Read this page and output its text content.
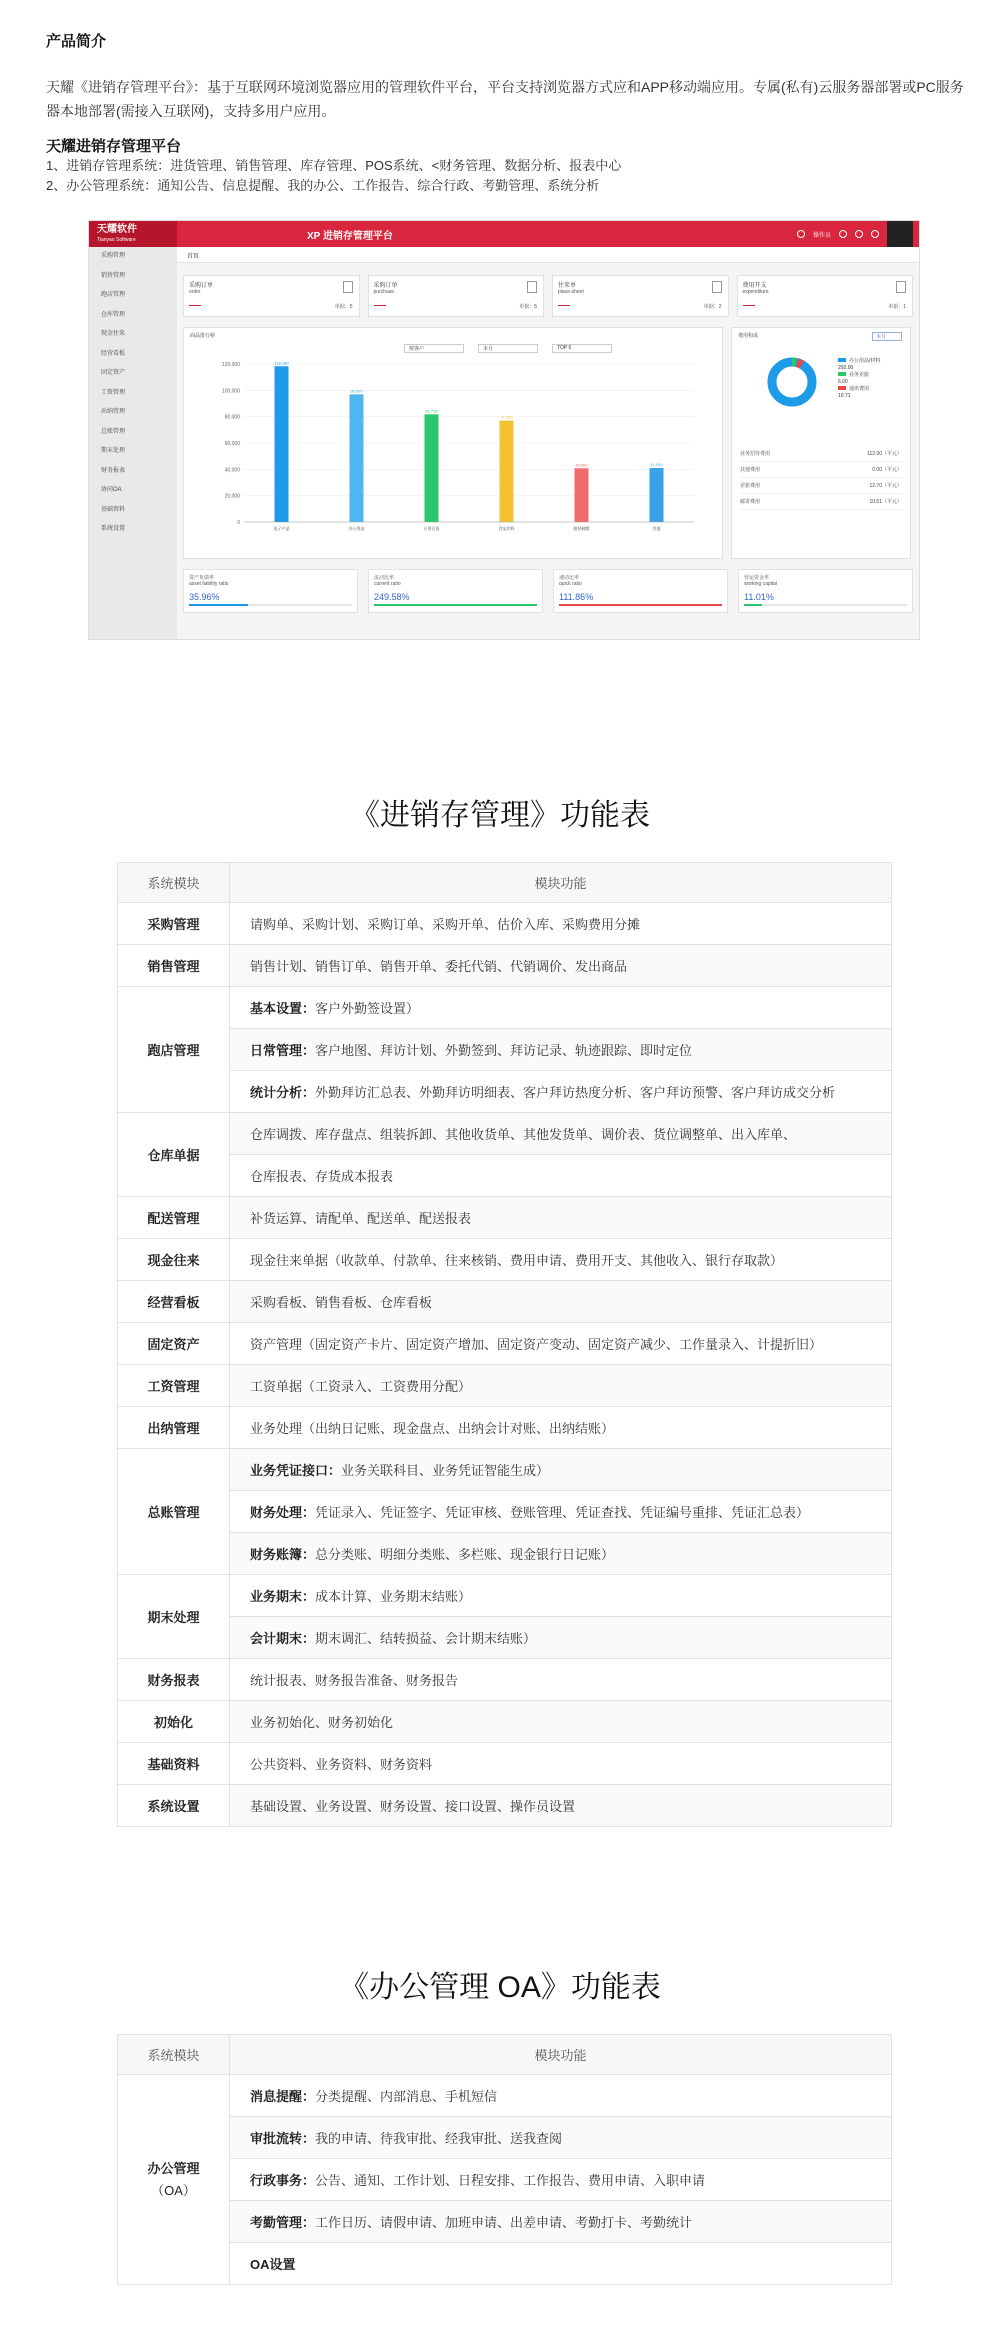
产品简介
天耀《进销存管理平台》：基于互联网环境浏览器应用的管理软件平台，平台支持浏览器方式应和APP移动端应用。专属(私有)云服务器部署或PC服务器本地部署(需接入互联网)，支持多用户应用。
天耀进销存管理平台
1、进销存管理系统：进货管理、销售管理、库存管理、POS系统、<财务管理、数据分析、报表中心
2、办公管理系统：通知公告、信息提醒、我的办公、工作报告、综合行政、考勤管理、系统分析
天耀软件
Tianyao Software	XP 进销存管理平台	操作员
采购管理
销售管理
跑店管理
仓库管理
现金往来
经营看板
固定资产
工资管理
出纳管理
总账管理
期末处理
财务报表
协同OA
基础资料
系统设置
首页
采购订单
order
单据：5
采购订单
purchase
单据：5
往来单
place-sheet
单据：2
费用开支
expenditure
单据：1
商品排行榜
按客户	本月	TOP 6
0
20,000
40,000
60,000
80,000
100,000
120,000	118,280
电子产品
96,960
办公用品
81,778
日用百货
77,000
食品饮料
40,800
服装鞋帽
41,000
其他
费用构成	本月
办公用品/材料
292.00
业务差旅
6.00
通讯费用
10.71
业务招待费用	112.00（平元）
其他费用	0.00（平元）
差旅费用	12.70（平元）
邮寄费用	10.51（平元）
资产负债率
asset liability ratio
35.96%
流动比率
current ratio
249.58%
速动比率
quick ratio
111.86%
营运资金率
working capital
11.01%
《进销存管理》功能表
系统模块	模块功能
采购管理	请购单、采购计划、采购订单、采购开单、估价入库、采购费用分摊
销售管理	销售计划、销售订单、销售开单、委托代销、代销调价、发出商品
跑店管理	基本设置：客户外勤签设置）
	日常管理：客户地图、拜访计划、外勤签到、拜访记录、轨迹跟踪、即时定位
	统计分析：外勤拜访汇总表、外勤拜访明细表、客户拜访热度分析、客户拜访预警、客户拜访成交分析
仓库单据	仓库调拨、库存盘点、组装拆卸、其他收货单、其他发货单、调价表、货位调整单、出入库单、
	仓库报表、存货成本报表
配送管理	补货运算、请配单、配送单、配送报表
现金往来	现金往来单据（收款单、付款单、往来核销、费用申请、费用开支、其他收入、银行存取款）
经营看板	采购看板、销售看板、仓库看板
固定资产	资产管理（固定资产卡片、固定资产增加、固定资产变动、固定资产减少、工作量录入、计提折旧）
工资管理	工资单据（工资录入、工资费用分配）
出纳管理	业务处理（出纳日记账、现金盘点、出纳会计对账、出纳结账）
总账管理	业务凭证接口：业务关联科目、业务凭证智能生成）
	财务处理：凭证录入、凭证签字、凭证审核、登账管理、凭证查找、凭证编号重排、凭证汇总表）
	财务账簿：总分类账、明细分类账、多栏账、现金银行日记账）
期末处理	业务期末：成本计算、业务期末结账）
	会计期末：期末调汇、结转损益、会计期末结账）
财务报表	统计报表、财务报告准备、财务报告
初始化	业务初始化、财务初始化
基础资料	公共资料、业务资料、财务资料
系统设置	基础设置、业务设置、财务设置、接口设置、操作员设置
《办公管理 OA》功能表
系统模块	模块功能
办公管理
（OA）	消息提醒：分类提醒、内部消息、手机短信
	审批流转：我的申请、待我审批、经我审批、送我查阅
	行政事务：公告、通知、工作计划、日程安排、工作报告、费用申请、入职申请
	考勤管理：工作日历、请假申请、加班申请、出差申请、考勤打卡、考勤统计
	OA设置
